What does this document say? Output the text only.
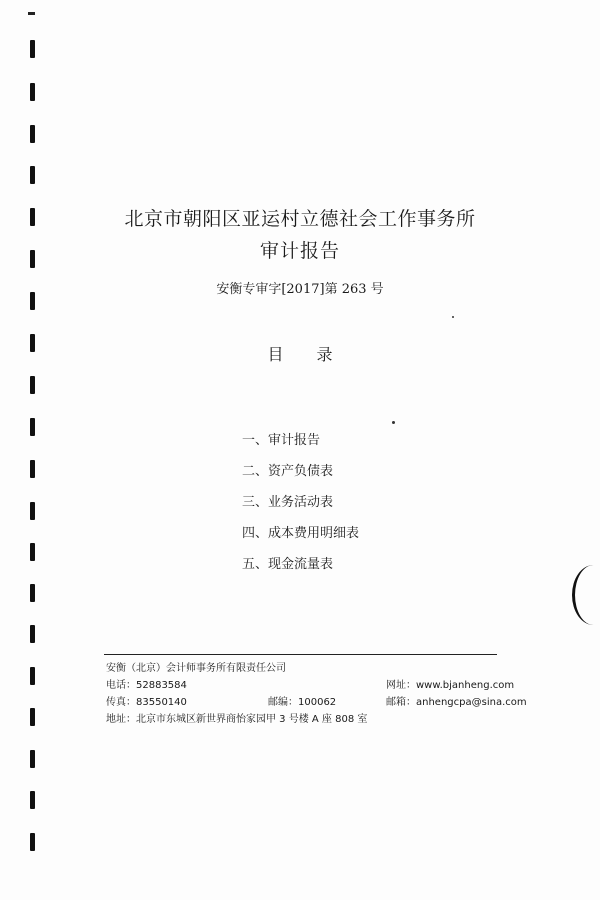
北京市朝阳区亚运村立德社会工作事务所
审计报告
安衡专审字[2017]第 263 号
目 录
一、审计报告
二、资产负债表
三、业务活动表
四、成本费用明细表
五、现金流量表
安衡（北京）会计师事务所有限责任公司
电话：52883584	网址：www.bjanheng.com
传真：83550140	邮编：100062	邮箱：anhengcpa@sina.com
地址：北京市东城区新世界商怡家园甲 3 号楼 A 座 808 室
